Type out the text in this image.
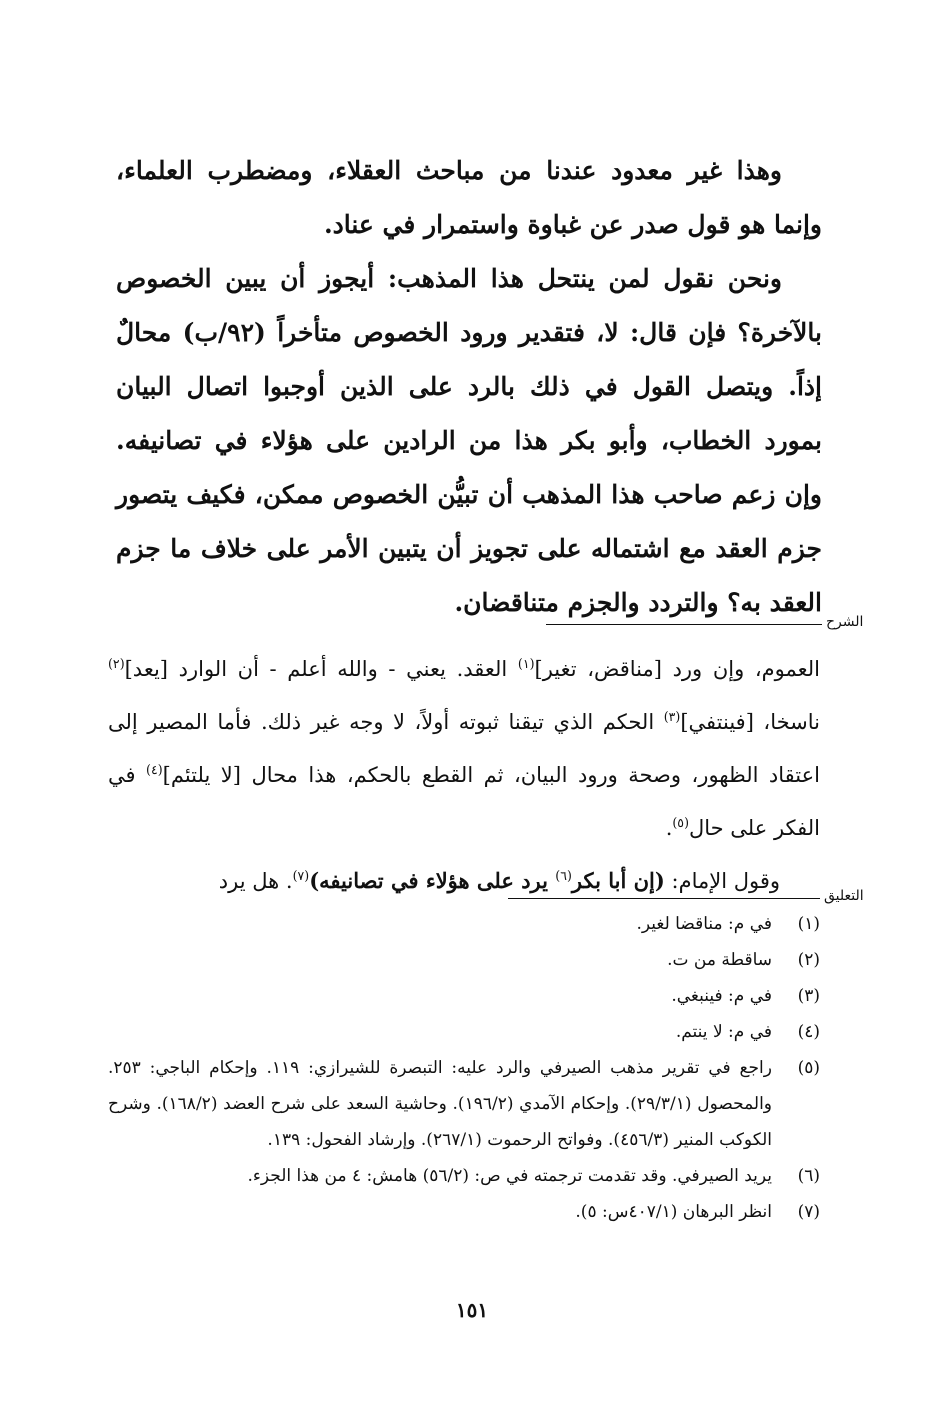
وهذا غير معدود عندنا من مباحث العقلاء، ومضطرب العلماء، وإنما هو قول صدر عن غباوة واستمرار في عناد.

ونحن نقول لمن ينتحل هذا المذهب: أيجوز أن يبين الخصوص بالآخرة؟ فإن قال: لا، فتقدير ورود الخصوص متأخراً (٩٢/ب) محالٌ إذاً. ويتصل القول في ذلك بالرد على الذين أوجبوا اتصال البيان بمورد الخطاب، وأبو بكر هذا من الرادين على هؤلاء في تصانيفه. وإن زعم صاحب هذا المذهب أن تبيُّن الخصوص ممكن، فكيف يتصور جزم العقد مع اشتماله على تجويز أن يتبين الأمر على خلاف ما جزم العقد به؟ والتردد والجزم متناقضان.

الشرح

العموم، وإن ورد [مناقض، تغير]$^{(١)}$ العقد. يعني - والله أعلم - أن الوارد [يعد]$^{(٢)}$ ناسخا، [فينتفي]$^{(٣)}$ الحكم الذي تيقنا ثبوته أولاً، لا وجه غير ذلك. فأما المصير إلى اعتقاد الظهور، وصحة ورود البيان، ثم القطع بالحكم، هذا محال [لا يلتئم]$^{(٤)}$ في الفكر على حال$^{(٥)}$.

وقول الإمام: (إن أبا بكر$^{(٦)}$ يرد على هؤلاء في تصانيفه)$^{(٧)}$. هل يرد

التعليق
(١)
في م: مناقضا لغير.
(٢)
ساقطة من ت.
(٣)
في م: فينبغي.
(٤)
في م: لا ينتم.
(٥)
راجع في تقرير مذهب الصيرفي والرد عليه: التبصرة للشيرازي: ١١٩. وإحكام الباجي: ٢٥٣. والمحصول (٢٩/٣/١). وإحكام الآمدي (١٩٦/٢). وحاشية السعد على شرح العضد (١٦٨/٢). وشرح الكوكب المنير (٤٥٦/٣). وفواتح الرحموت (٢٦٧/١). وإرشاد الفحول: ١٣٩.
(٦)
يريد الصيرفي. وقد تقدمت ترجمته في ص: (٥٦/٢) هامش: ٤ من هذا الجزء.
(٧)
انظر البرهان (٤٠٧/١س: ٥).
١٥١
